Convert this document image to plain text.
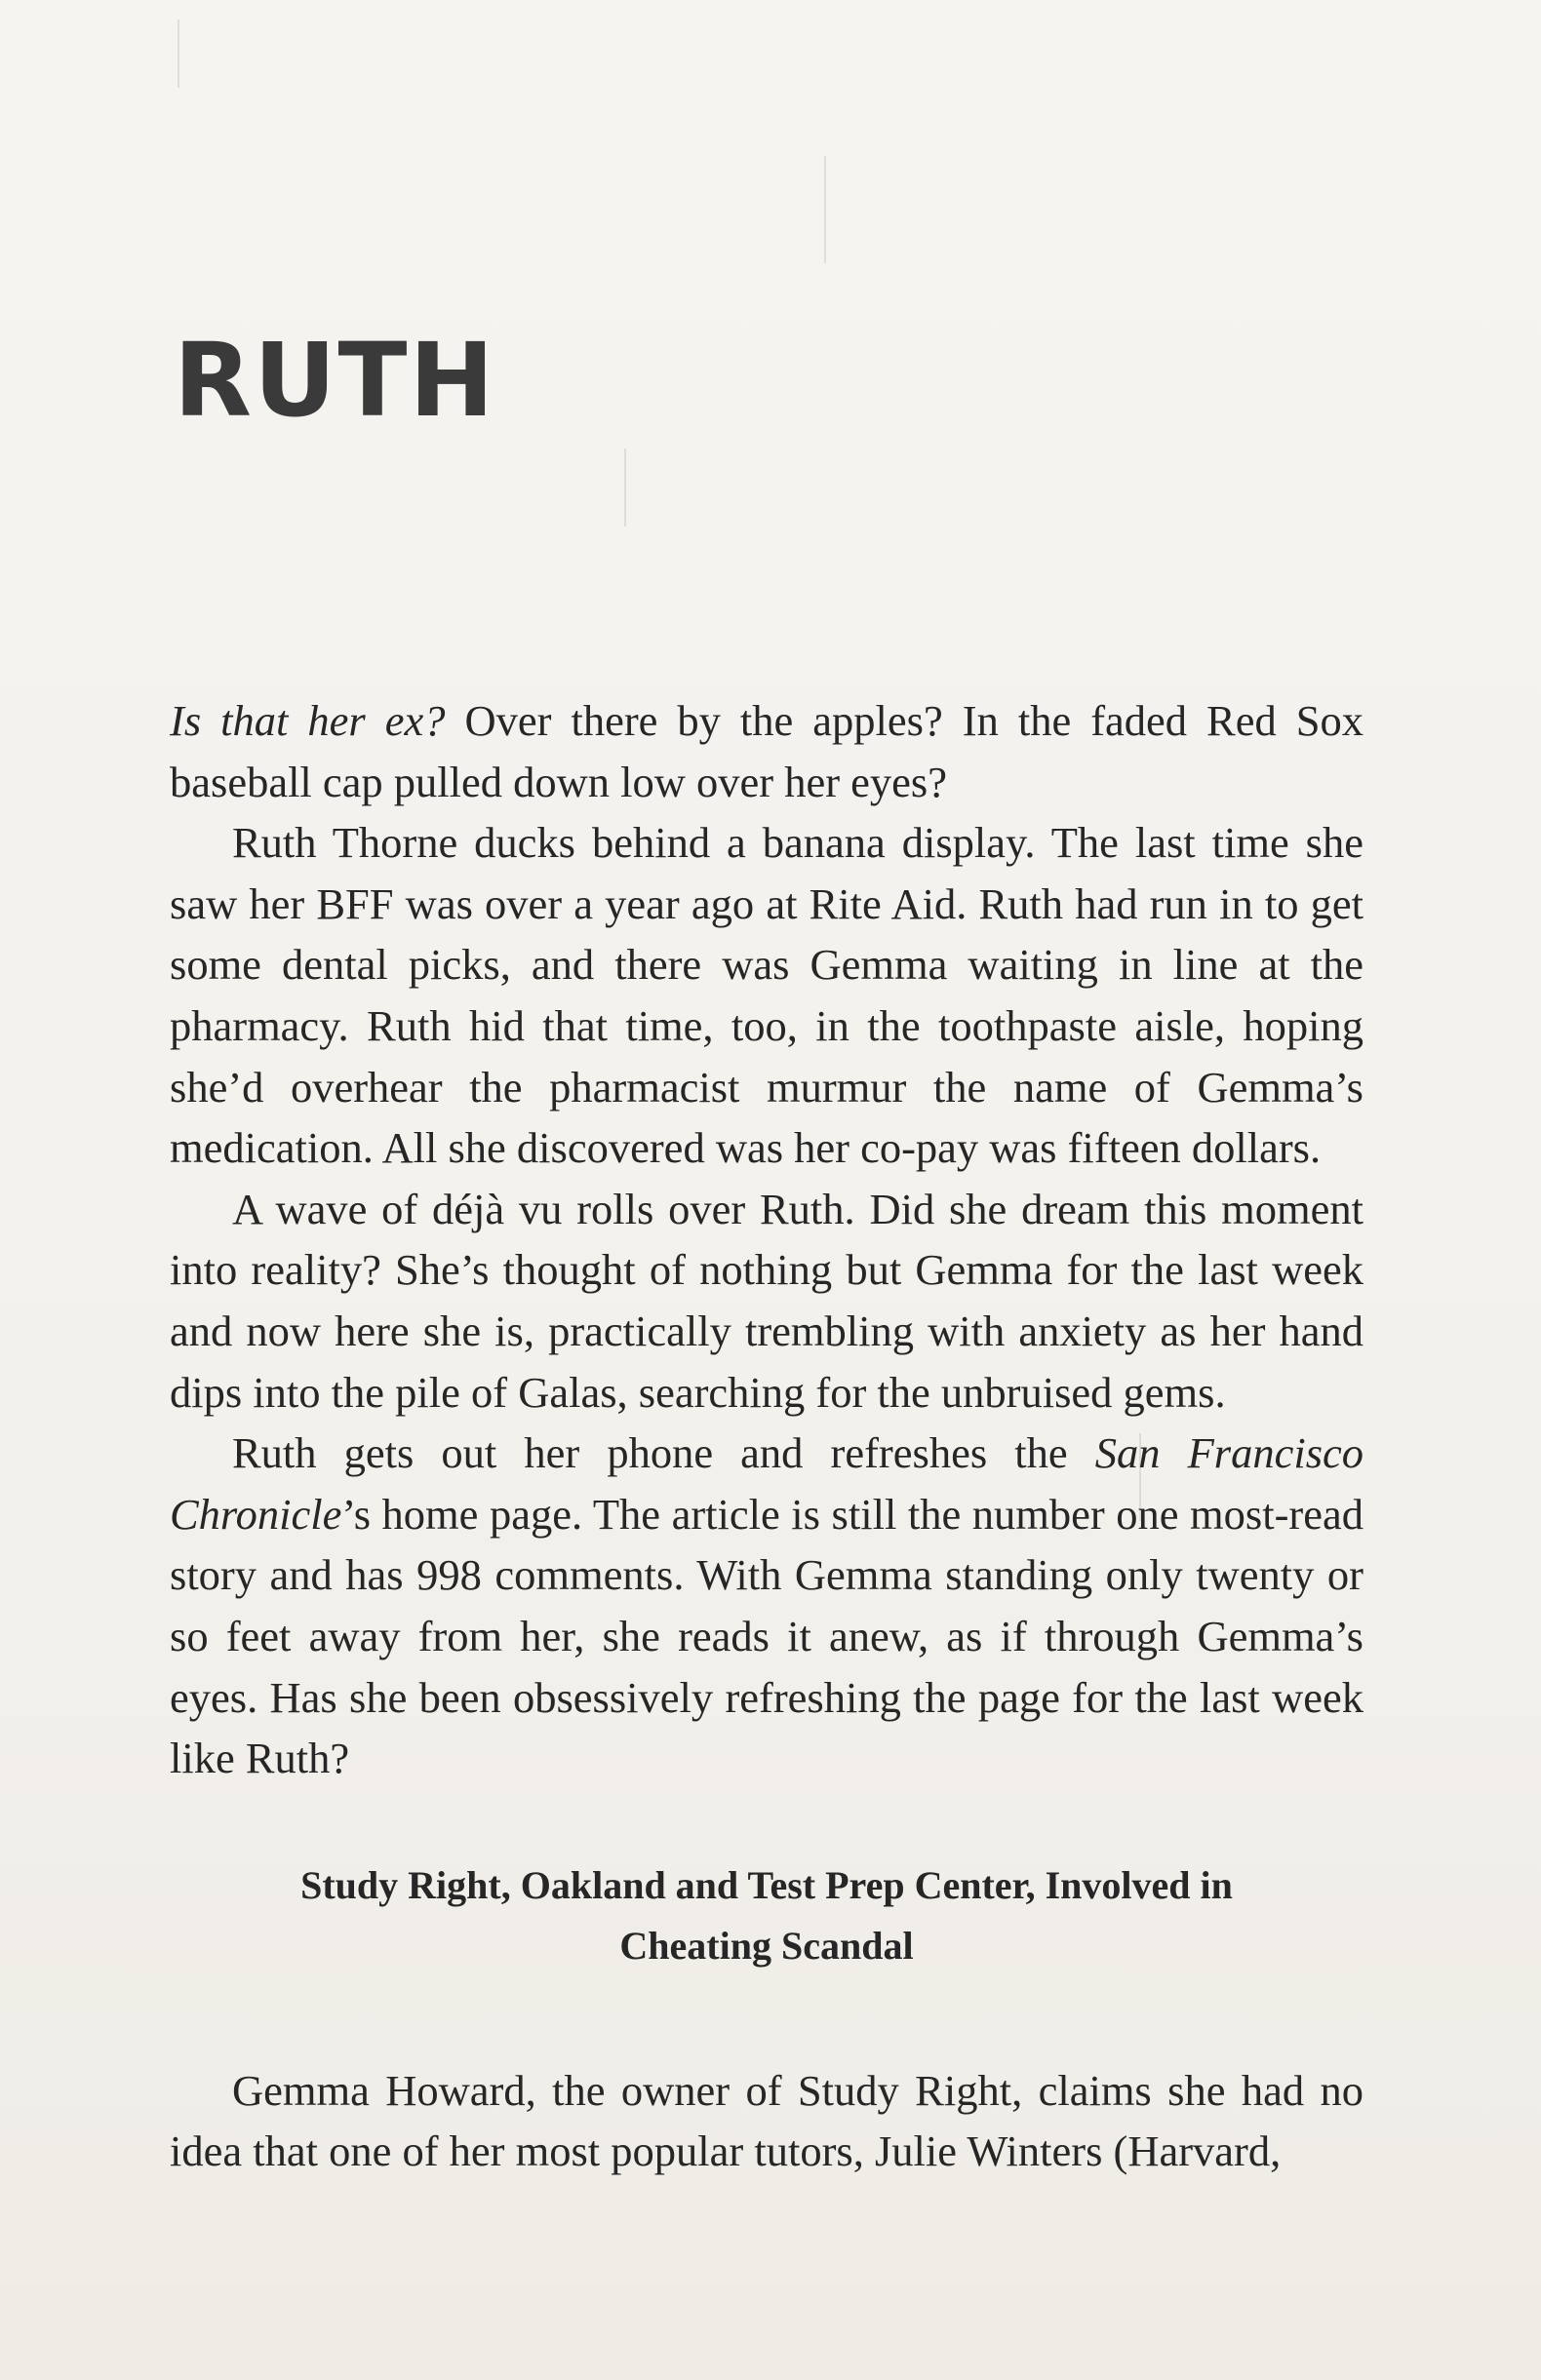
RUTH

Is that her ex? Over there by the apples? In the faded Red Sox baseball cap pulled down low over her eyes?

Ruth Thorne ducks behind a banana display. The last time she saw her BFF was over a year ago at Rite Aid. Ruth had run in to get some dental picks, and there was Gemma waiting in line at the pharmacy. Ruth hid that time, too, in the toothpaste aisle, hoping she’d overhear the pharmacist murmur the name of Gemma’s medication. All she discovered was her co-pay was fifteen dollars.

A wave of déjà vu rolls over Ruth. Did she dream this moment into reality? She’s thought of nothing but Gemma for the last week and now here she is, practically trembling with anxiety as her hand dips into the pile of Galas, searching for the unbruised gems.

Ruth gets out her phone and refreshes the San Francisco Chronicle’s home page. The article is still the number one most-read story and has 998 comments. With Gemma standing only twenty or so feet away from her, she reads it anew, as if through Gemma’s eyes. Has she been obsessively refreshing the page for the last week like Ruth?

Study Right, Oakland and Test Prep Center, Involved in Cheating Scandal

Gemma Howard, the owner of Study Right, claims she had no idea that one of her most popular tutors, Julie Winters (Harvard,
